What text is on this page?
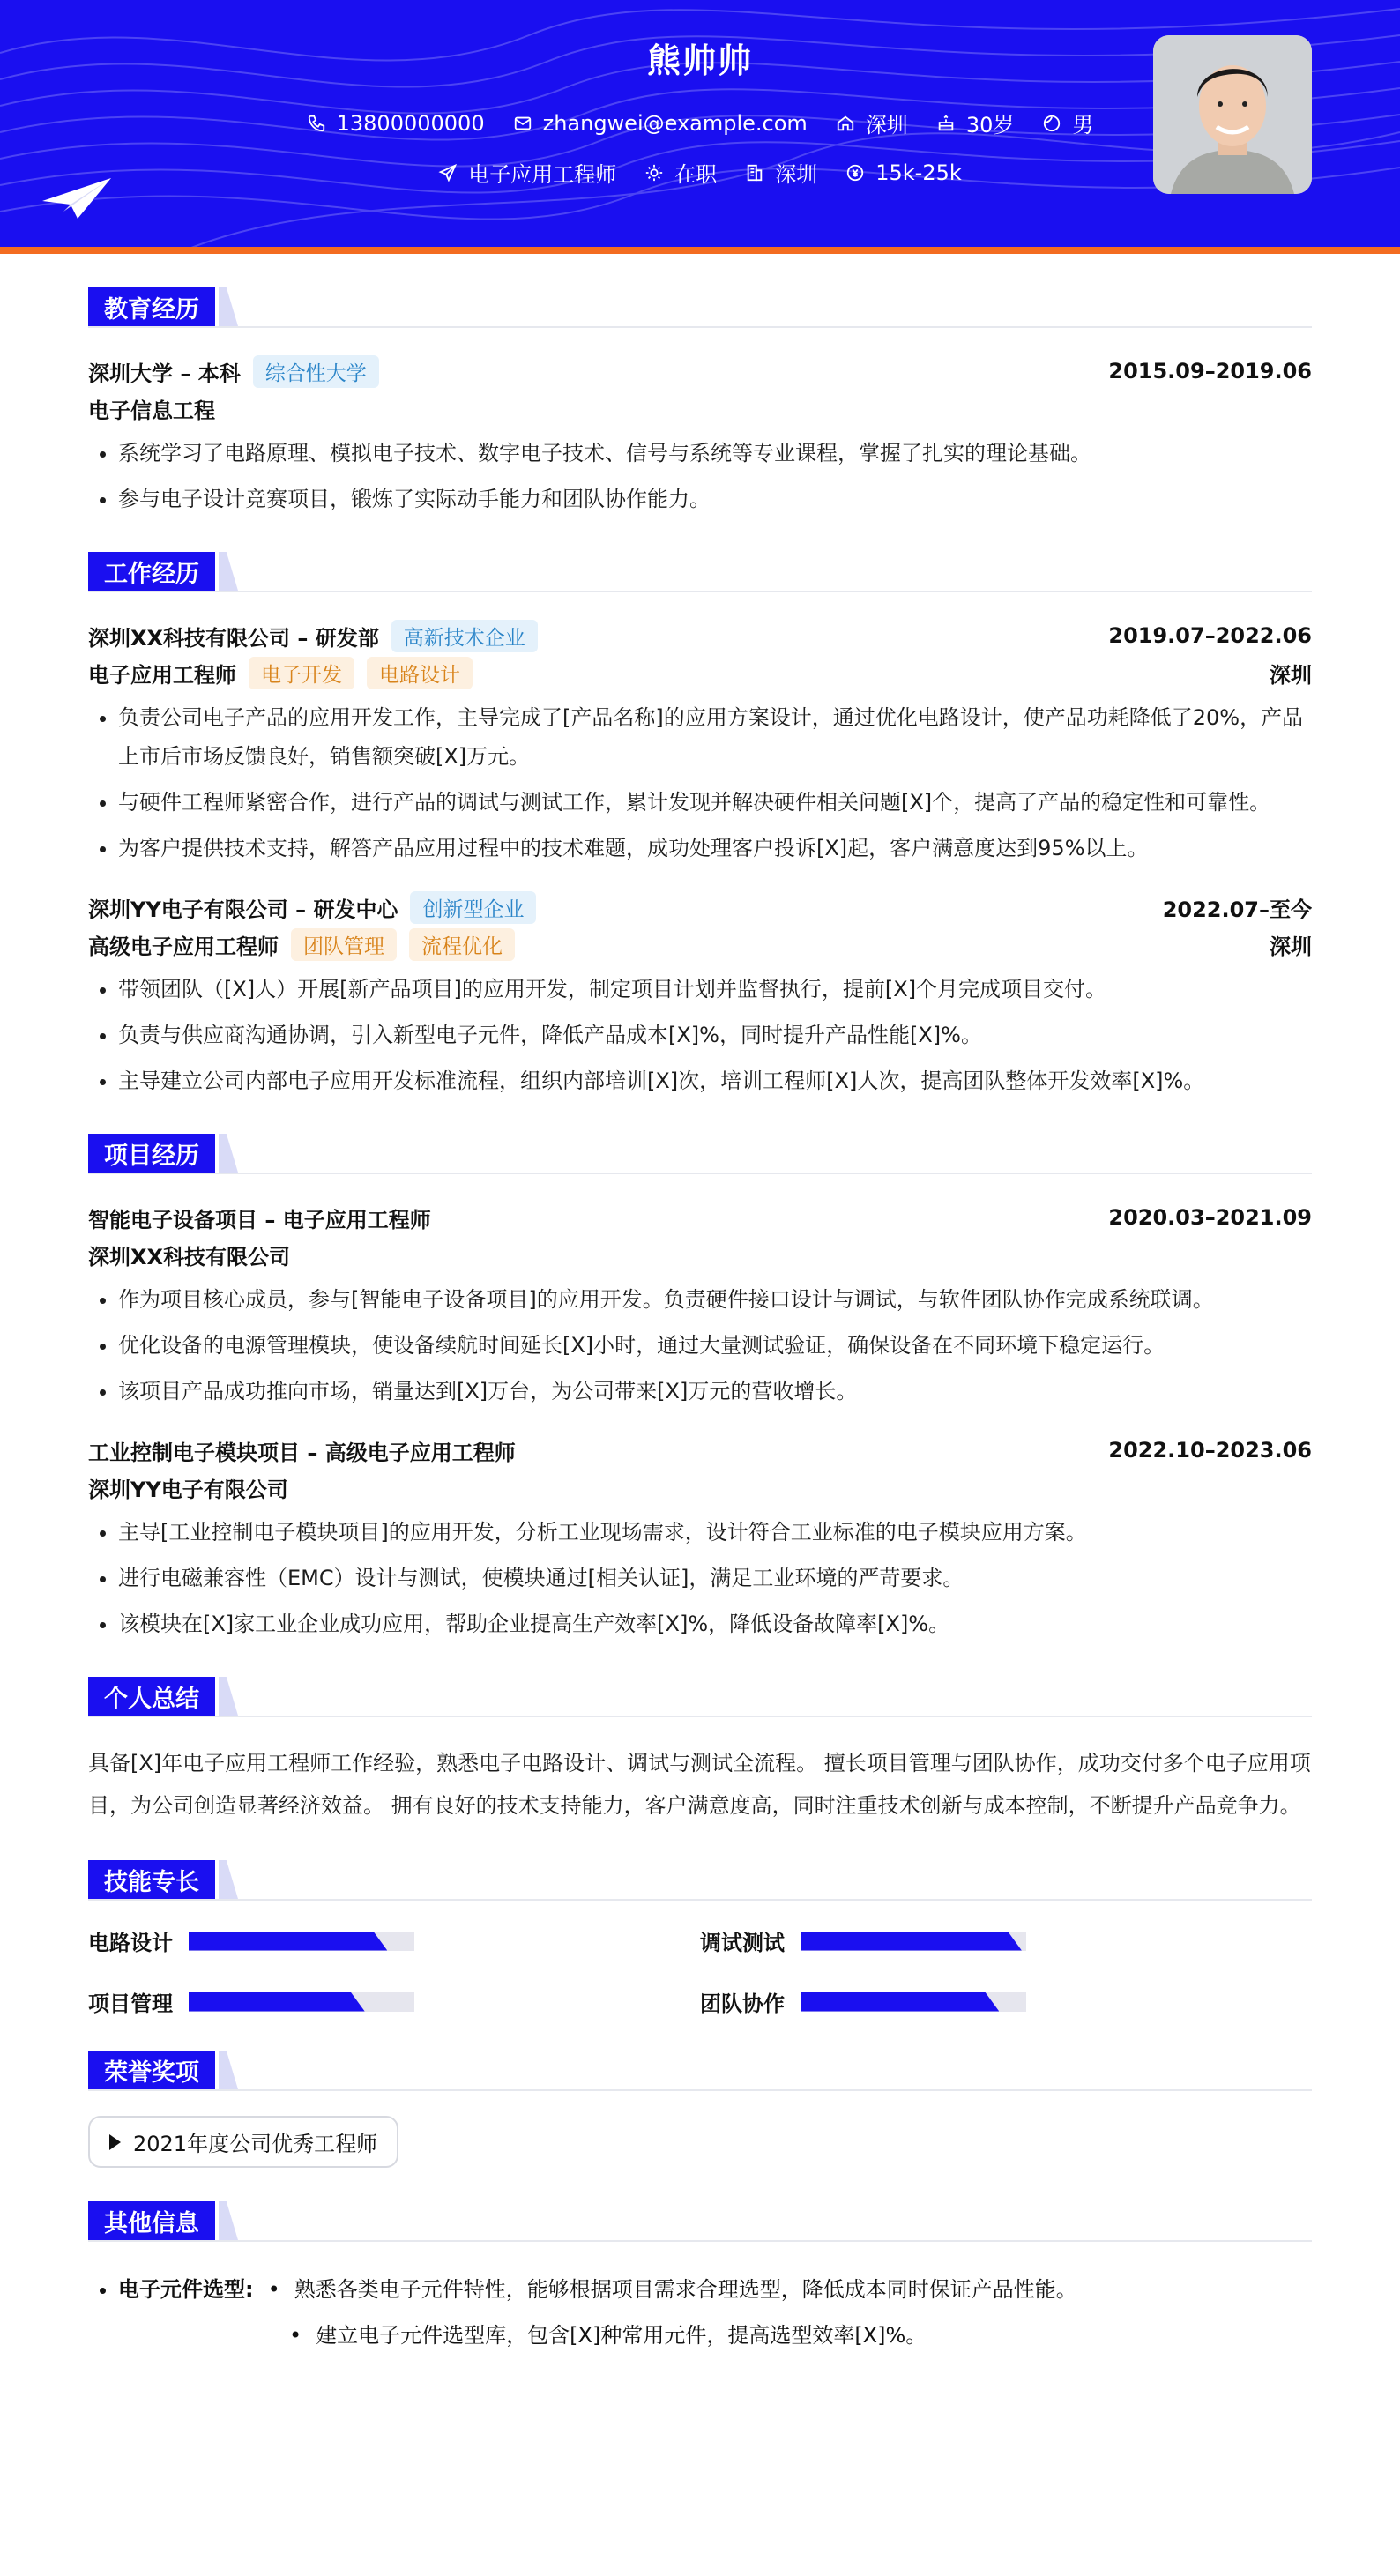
熊帅帅
13800000000	zhangwei@example.com	深圳	30岁	男
电子应用工程师	在职	深圳	15k-25k
教育经历
深圳大学 – 本科	综合性大学	2015.09–2019.06
电子信息工程
• 系统学习了电路原理、模拟电子技术、数字电子技术、信号与系统等专业课程，掌握了扎实的理论基础。
• 参与电子设计竞赛项目，锻炼了实际动手能力和团队协作能力。
工作经历
深圳XX科技有限公司 – 研发部	高新技术企业	2019.07–2022.06
电子应用工程师	电子开发	电路设计	深圳
• 负责公司电子产品的应用开发工作，主导完成了[产品名称]的应用方案设计，通过优化电路设计，使产品功耗降低了20%，产品上市后市场反馈良好，销售额突破[X]万元。
• 与硬件工程师紧密合作，进行产品的调试与测试工作，累计发现并解决硬件相关问题[X]个，提高了产品的稳定性和可靠性。
• 为客户提供技术支持，解答产品应用过程中的技术难题，成功处理客户投诉[X]起，客户满意度达到95%以上。
深圳YY电子有限公司 – 研发中心	创新型企业	2022.07–至今
高级电子应用工程师	团队管理	流程优化	深圳
• 带领团队（[X]人）开展[新产品项目]的应用开发，制定项目计划并监督执行，提前[X]个月完成项目交付。
• 负责与供应商沟通协调，引入新型电子元件，降低产品成本[X]%，同时提升产品性能[X]%。
• 主导建立公司内部电子应用开发标准流程，组织内部培训[X]次，培训工程师[X]人次，提高团队整体开发效率[X]%。
项目经历
智能电子设备项目 – 电子应用工程师	2020.03–2021.09
深圳XX科技有限公司
• 作为项目核心成员，参与[智能电子设备项目]的应用开发。负责硬件接口设计与调试，与软件团队协作完成系统联调。
• 优化设备的电源管理模块，使设备续航时间延长[X]小时，通过大量测试验证，确保设备在不同环境下稳定运行。
• 该项目产品成功推向市场，销量达到[X]万台，为公司带来[X]万元的营收增长。
工业控制电子模块项目 – 高级电子应用工程师	2022.10–2023.06
深圳YY电子有限公司
• 主导[工业控制电子模块项目]的应用开发，分析工业现场需求，设计符合工业标准的电子模块应用方案。
• 进行电磁兼容性（EMC）设计与测试，使模块通过[相关认证]，满足工业环境的严苛要求。
• 该模块在[X]家工业企业成功应用，帮助企业提高生产效率[X]%，降低设备故障率[X]%。
个人总结

具备[X]年电子应用工程师工作经验，熟悉电子电路设计、调试与测试全流程。 擅长项目管理与团队协作，成功交付多个电子应用项目，为公司创造显著经济效益。 拥有良好的技术支持能力，客户满意度高，同时注重技术创新与成本控制，不断提升产品竞争力。

技能专长
电路设计	调试测试
项目管理	团队协作
荣誉奖项
2021年度公司优秀工程师
其他信息
• 电子元件选型: • 熟悉各类电子元件特性，能够根据项目需求合理选型，降低成本同时保证产品性能。
• 建立电子元件选型库，包含[X]种常用元件，提高选型效率[X]%。
